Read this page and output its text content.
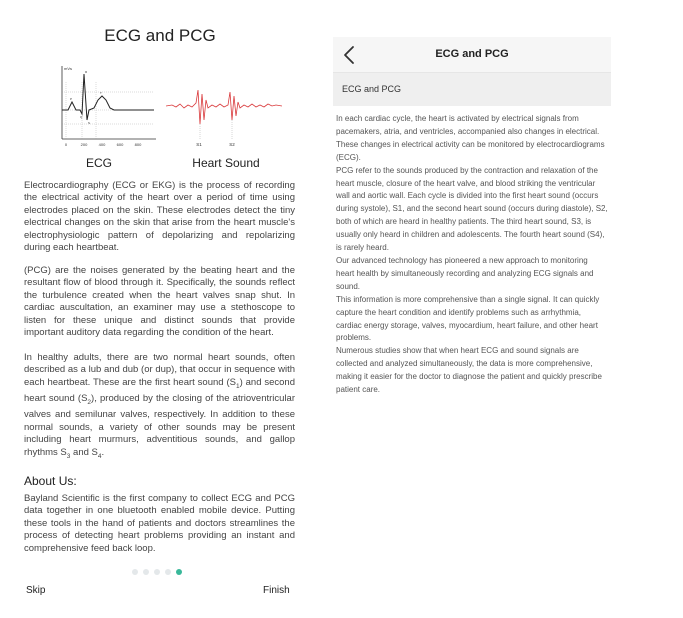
ECG and PCG
mVs
P
Q
R
S
T
0	200	400	600	800
ECG
S1	S2
Heart Sound

Electrocardiography (ECG or EKG) is the process of recording the electrical activity of the heart over a period of time using electrodes placed on the skin. These electrodes detect the tiny electrical changes on the skin that arise from the heart muscle's electrophysiologic pattern of depolarizing and repolarizing during each heartbeat.

(PCG) are the noises generated by the beating heart and the resultant flow of blood through it. Specifically, the sounds reflect the turbulence created when the heart valves snap shut. In cardiac auscultation, an examiner may use a stethoscope to listen for these unique and distinct sounds that provide important auditory data regarding the condition of the heart.

In healthy adults, there are two normal heart sounds, often described as a lub and dub (or dup), that occur in sequence with each heartbeat. These are the first heart sound $(S_1)$ and second heart sound $(S_2)$, produced by the closing of the atrioventricular valves and semilunar valves, respectively. In addition to these normal sounds, a variety of other sounds may be present including heart murmurs, adventitious sounds, and gallop rhythms $S_3$ and $S_4$.

About Us:

Bayland Scientific is the first company to collect ECG and PCG data together in one bluetooth enabled mobile device. Putting these tools in the hand of patients and doctors streamlines the process of detecting heart problems providing an instant and comprehensive feed back loop.

Skip	Finish
ECG and PCG
ECG and PCG

In each cardiac cycle, the heart is activated by electrical signals from pacemakers, atria, and ventricles, accompanied also changes in electrical. These changes in electrical activity can be monitored by electrocardiograms (ECG).

PCG refer to the sounds produced by the contraction and relaxation of the heart muscle, closure of the heart valve, and blood striking the ventricular wall and aortic wall. Each cycle is divided into the first heart sound (occurs during systole), S1, and the second heart sound (occurs during diastole), S2, both of which are heard in healthy patients. The third heart sound, S3, is usually only heard in children and adolescents. The fourth heart sound (S4), is rarely heard.

Our advanced technology has pioneered a new approach to monitoring heart health by simultaneously recording and analyzing ECG signals and sound.

This information is more comprehensive than a single signal. It can quickly capture the heart condition and identify problems such as arrhythmia, cardiac energy storage, valves, myocardium, heart failure, and other heart problems.

Numerous studies show that when heart ECG and sound signals are collected and analyzed simultaneously, the data is more comprehensive, making it easier for the doctor to diagnose the patient and quickly prescribe patient care.
